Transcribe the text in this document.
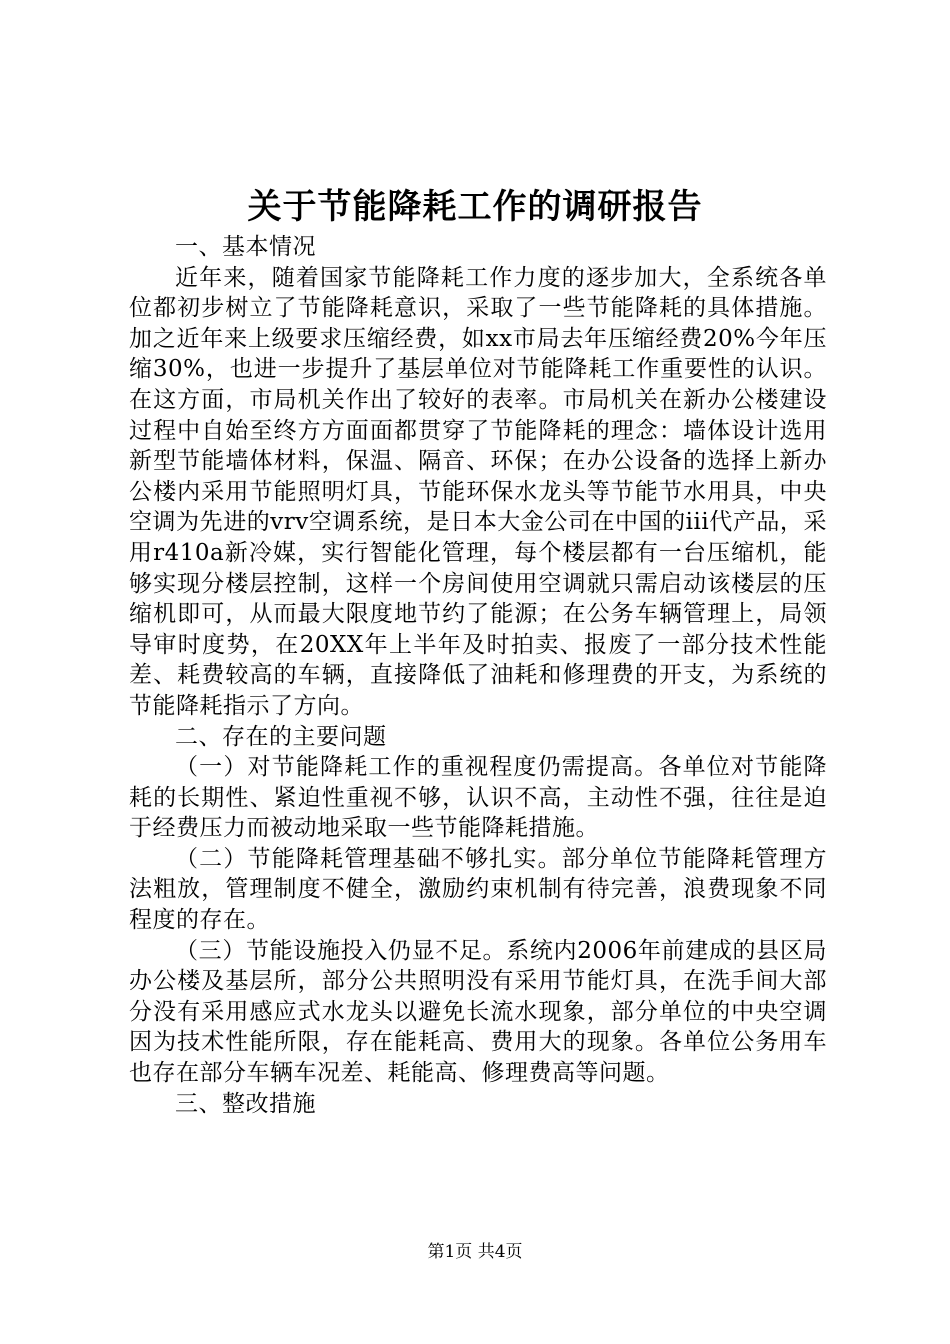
关于节能降耗工作的调研报告

一、基本情况

近年来，随着国家节能降耗工作力度的逐步加大，全系统各单位都初步树立了节能降耗意识，采取了一些节能降耗的具体措施。加之近年来上级要求压缩经费，如xx市局去年压缩经费20%今年压缩30%，也进一步提升了基层单位对节能降耗工作重要性的认识。在这方面，市局机关作出了较好的表率。市局机关在新办公楼建设过程中自始至终方方面面都贯穿了节能降耗的理念：墙体设计选用新型节能墙体材料，保温、隔音、环保；在办公设备的选择上新办公楼内采用节能照明灯具，节能环保水龙头等节能节水用具，中央空调为先进的vrv空调系统，是日本大金公司在中国的iii代产品，采用r410a新冷媒，实行智能化管理，每个楼层都有一台压缩机，能够实现分楼层控制，这样一个房间使用空调就只需启动该楼层的压缩机即可，从而最大限度地节约了能源；在公务车辆管理上，局领导审时度势，在20XX年上半年及时拍卖、报废了一部分技术性能差、耗费较高的车辆，直接降低了油耗和修理费的开支，为系统的节能降耗指示了方向。

二、存在的主要问题

（一）对节能降耗工作的重视程度仍需提高。各单位对节能降耗的长期性、紧迫性重视不够，认识不高，主动性不强，往往是迫于经费压力而被动地采取一些节能降耗措施。

（二）节能降耗管理基础不够扎实。部分单位节能降耗管理方法粗放，管理制度不健全，激励约束机制有待完善，浪费现象不同程度的存在。

（三）节能设施投入仍显不足。系统内2006年前建成的县区局办公楼及基层所，部分公共照明没有采用节能灯具，在洗手间大部分没有采用感应式水龙头以避免长流水现象，部分单位的中央空调因为技术性能所限，存在能耗高、费用大的现象。各单位公务用车也存在部分车辆车况差、耗能高、修理费高等问题。

三、整改措施

第1页 共4页
